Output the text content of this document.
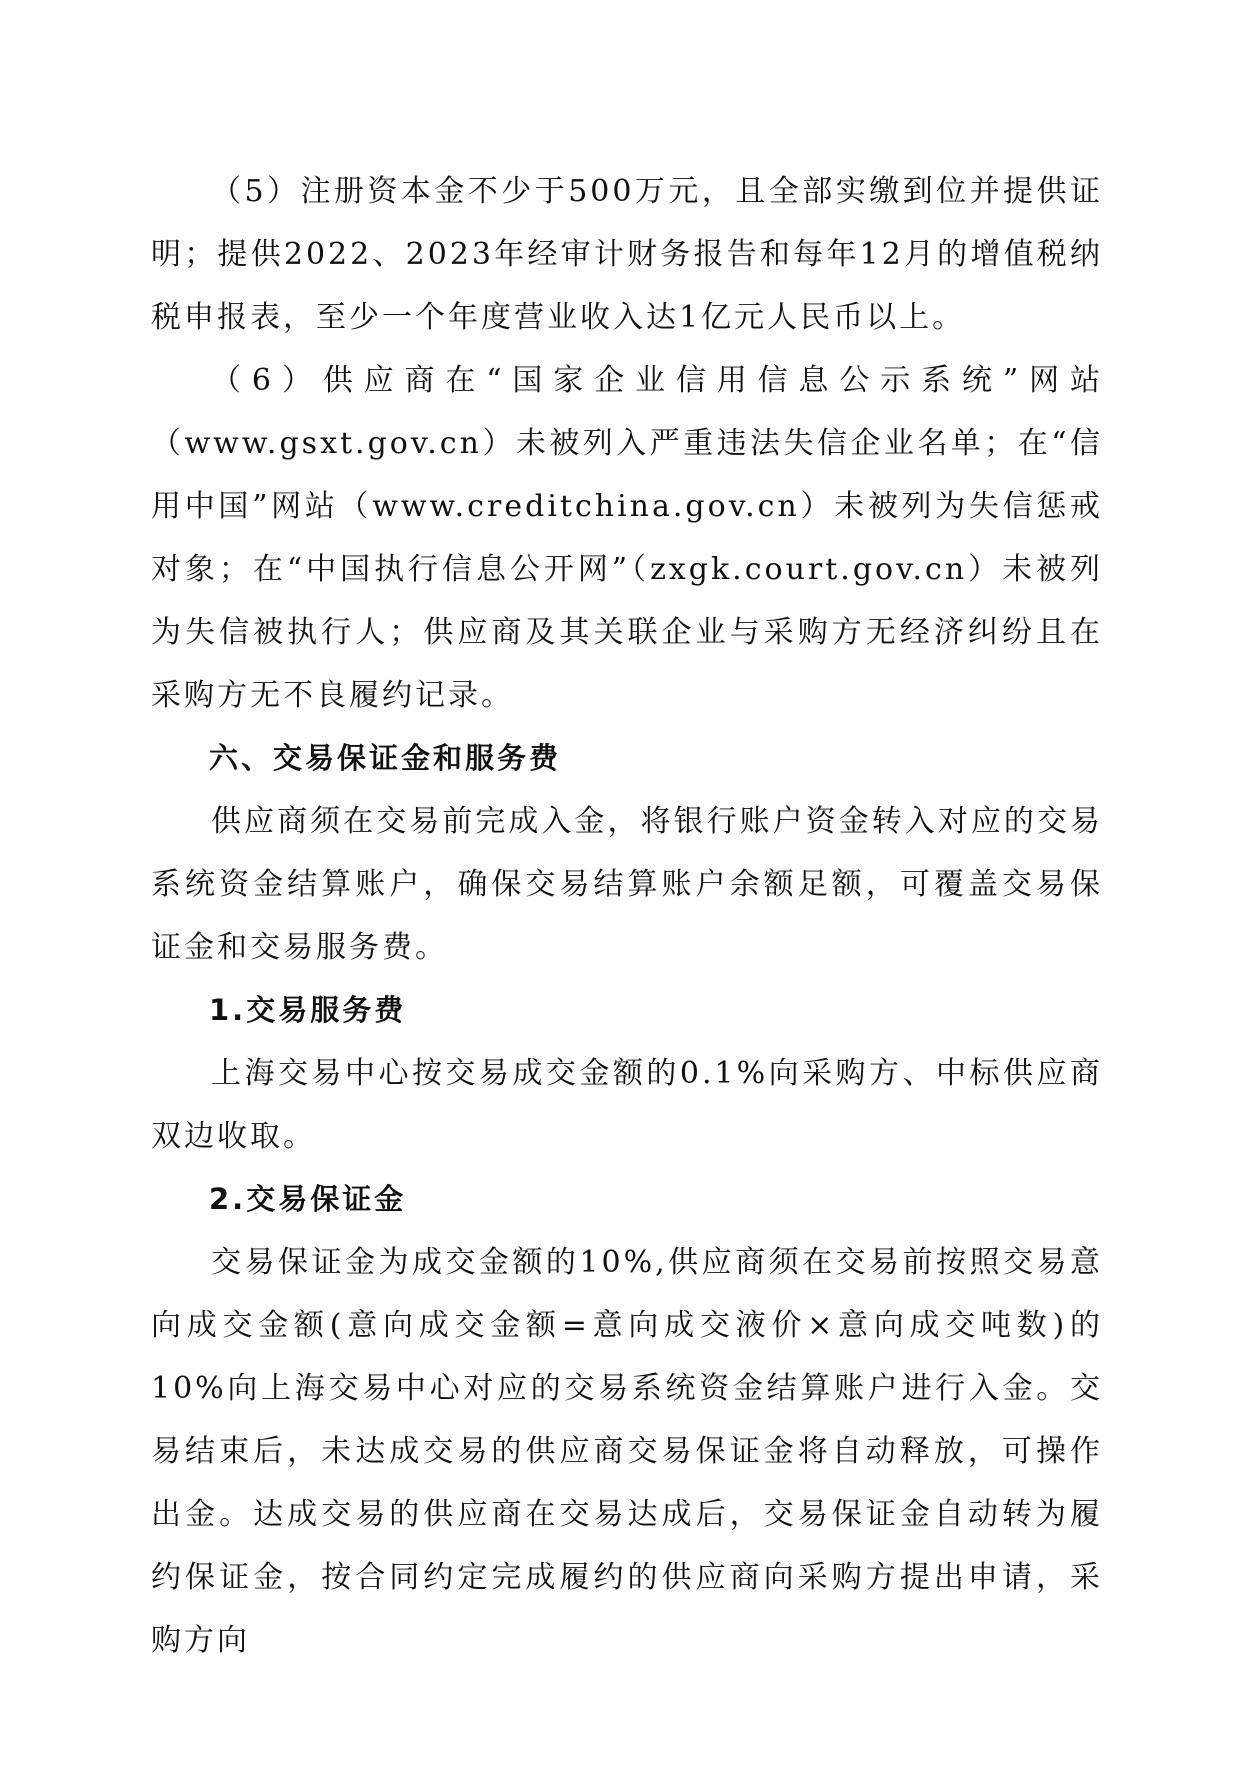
（5）注册资本金不少于500万元，且全部实缴到位并提供证明；提供2022、2023年经审计财务报告和每年12月的增值税纳税申报表，至少一个年度营业收入达1亿元人民币以上。

（6）供应商在“国家企业信用信息公示系统”网站（www.gsxt.gov.cn）未被列入严重违法失信企业名单；在“信用中国”网站（www.creditchina.gov.cn）未被列为失信惩戒对象；在“中国执行信息公开网”（zxgk.court.gov.cn）未被列为失信被执行人；供应商及其关联企业与采购方无经济纠纷且在采购方无不良履约记录。

六、交易保证金和服务费

供应商须在交易前完成入金，将银行账户资金转入对应的交易系统资金结算账户，确保交易结算账户余额足额，可覆盖交易保证金和交易服务费。

1.交易服务费

上海交易中心按交易成交金额的0.1%向采购方、中标供应商双边收取。

2.交易保证金

交易保证金为成交金额的10%,供应商须在交易前按照交易意向成交金额(意向成交金额=意向成交液价×意向成交吨数)的10%向上海交易中心对应的交易系统资金结算账户进行入金。交易结束后，未达成交易的供应商交易保证金将自动释放，可操作出金。达成交易的供应商在交易达成后，交易保证金自动转为履约保证金，按合同约定完成履约的供应商向采购方提出申请，采购方向
